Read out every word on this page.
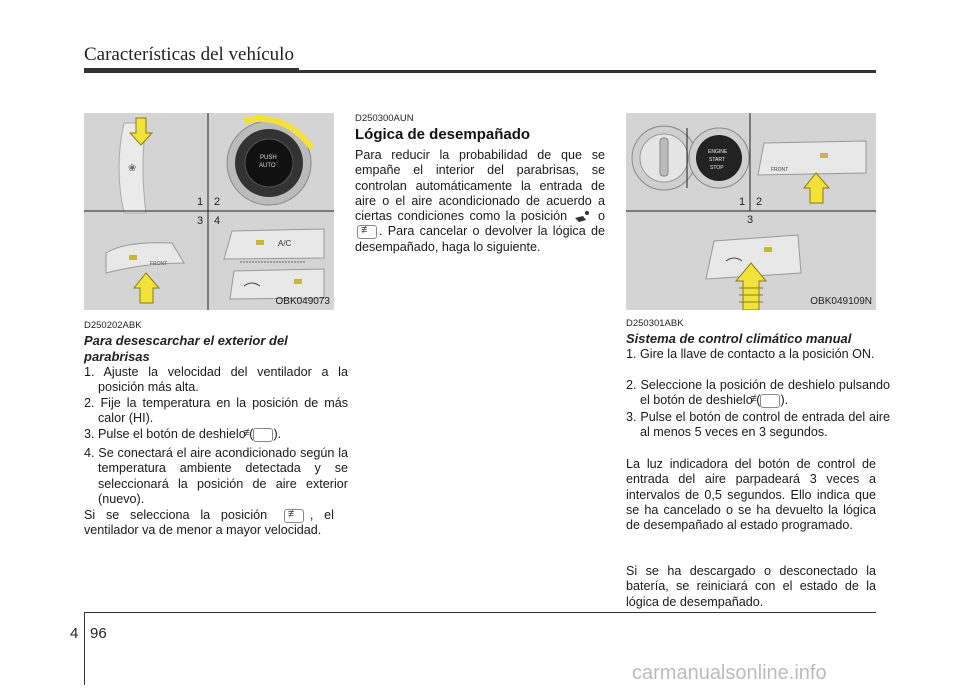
Características del vehículo
❀
PUSH
AUTO
FRONT
A/C
1 2
3 4
OBK049073
ENGINE
START
STOP	FRONT
1 2
3
OBK049109N
D250202ABK
Para desescarchar el exterior del parabrisas
1. Ajuste la velocidad del ventilador a la posición más alta.
2. Fije la temperatura en la posición de más calor (HI).
3. Pulse el botón de deshielo ( ≢ ).
4. Se conectará el aire acondicionado según la temperatura ambiente detectada y se seleccionará la posición de aire exterior (nuevo).
Si se selecciona la posición ≢	, el ventilador va de menor a mayor velocidad.
D250300AUN
Lógica de desempañado
Para reducir la probabilidad de que se empañe el interior del parabrisas, se controlan automáticamente la entrada de aire o el aire acondicionado de acuerdo a ciertas condiciones como la posición o ≢. Para cancelar o devolver la lógica de desempañado, haga lo siguiente.
D250301ABK
Sistema de control climático manual
1. Gire la llave de contacto a la posición ON.
2. Seleccione la posición de deshielo pulsando el botón de deshielo ( ≢ ).
3. Pulse el botón de control de entrada del aire al menos 5 veces en 3 segundos.
La luz indicadora del botón de control de entrada del aire parpadeará 3 veces a intervalos de 0,5 segundos. Ello indica que se ha cancelado o se ha devuelto la lógica de desempañado al estado programado.
Si se ha descargado o desconectado la batería, se reiniciará con el estado de la lógica de desempañado.
4 96
carmanualsonline.info
